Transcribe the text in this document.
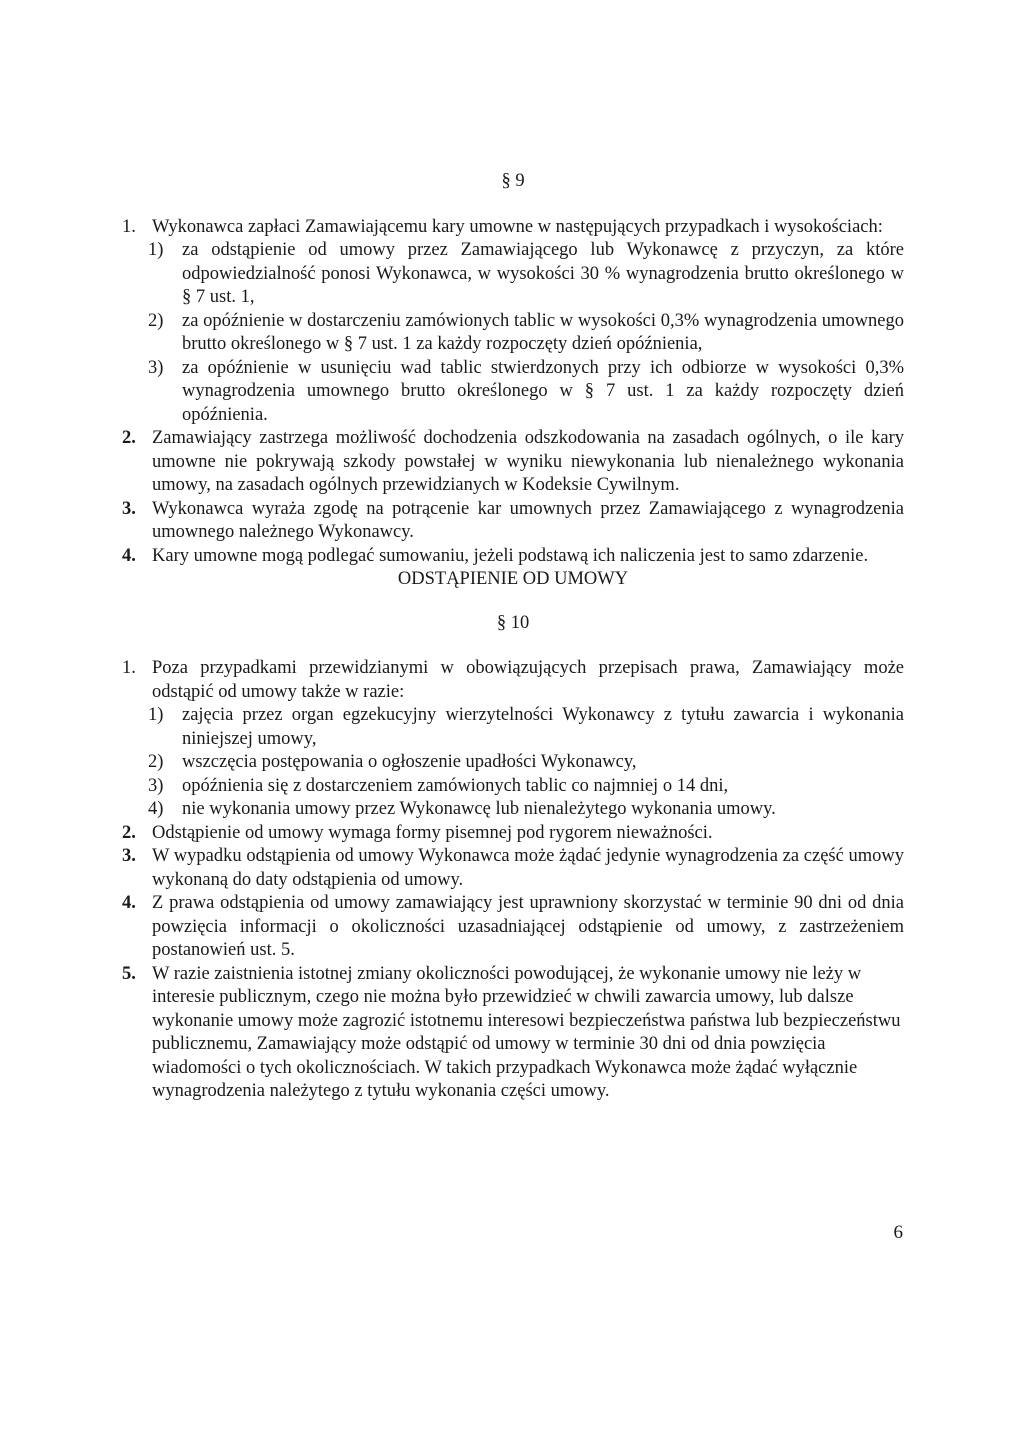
§ 9

1. Wykonawca zapłaci Zamawiającemu kary umowne w następujących przypadkach i wysokościach:
1)	za odstąpienie od umowy przez Zamawiającego lub Wykonawcę z przyczyn, za które odpowiedzialność ponosi Wykonawca, w wysokości 30 % wynagrodzenia brutto określonego w § 7 ust. 1,
2)	za opóźnienie w dostarczeniu zamówionych tablic w wysokości 0,3% wynagrodzenia umownego brutto określonego w § 7 ust. 1 za każdy rozpoczęty dzień opóźnienia,
3)	za opóźnienie w usunięciu wad tablic stwierdzonych przy ich odbiorze w wysokości 0,3% wynagrodzenia umownego brutto określonego w § 7 ust. 1 za każdy rozpoczęty dzień opóźnienia.
2. Zamawiający zastrzega możliwość dochodzenia odszkodowania na zasadach ogólnych, o ile kary umowne nie pokrywają szkody powstałej w wyniku niewykonania lub nienależnego wykonania umowy, na zasadach ogólnych przewidzianych w Kodeksie Cywilnym.
3. Wykonawca wyraża zgodę na potrącenie kar umownych przez Zamawiającego z wynagrodzenia umownego należnego Wykonawcy.
4. Kary umowne mogą podlegać sumowaniu, jeżeli podstawą ich naliczenia jest to samo zdarzenie.

ODSTĄPIENIE OD UMOWY

§ 10

1. Poza przypadkami przewidzianymi w obowiązujących przepisach prawa, Zamawiający może odstąpić od umowy także w razie:
1)	zajęcia przez organ egzekucyjny wierzytelności Wykonawcy z tytułu zawarcia i wykonania niniejszej umowy,
2)	wszczęcia postępowania o ogłoszenie upadłości Wykonawcy,
3)	opóźnienia się z dostarczeniem zamówionych tablic co najmniej o 14 dni,
4)	nie wykonania umowy przez Wykonawcę lub nienależytego wykonania umowy.
2. Odstąpienie od umowy wymaga formy pisemnej pod rygorem nieważności.
3. W wypadku odstąpienia od umowy Wykonawca może żądać jedynie wynagrodzenia za część umowy wykonaną do daty odstąpienia od umowy.
4. Z prawa odstąpienia od umowy zamawiający jest uprawniony skorzystać w terminie 90 dni od dnia powzięcia informacji o okoliczności uzasadniającej odstąpienie od umowy, z zastrzeżeniem postanowień ust. 5.
5. W razie zaistnienia istotnej zmiany okoliczności powodującej, że wykonanie umowy nie leży w interesie publicznym, czego nie można było przewidzieć w chwili zawarcia umowy, lub dalsze wykonanie umowy może zagrozić istotnemu interesowi bezpieczeństwa państwa lub bezpieczeństwu publicznemu, Zamawiający może odstąpić od umowy w terminie 30 dni od dnia powzięcia wiadomości o tych okolicznościach. W takich przypadkach Wykonawca może żądać wyłącznie wynagrodzenia należytego z tytułu wykonania części umowy.
6
